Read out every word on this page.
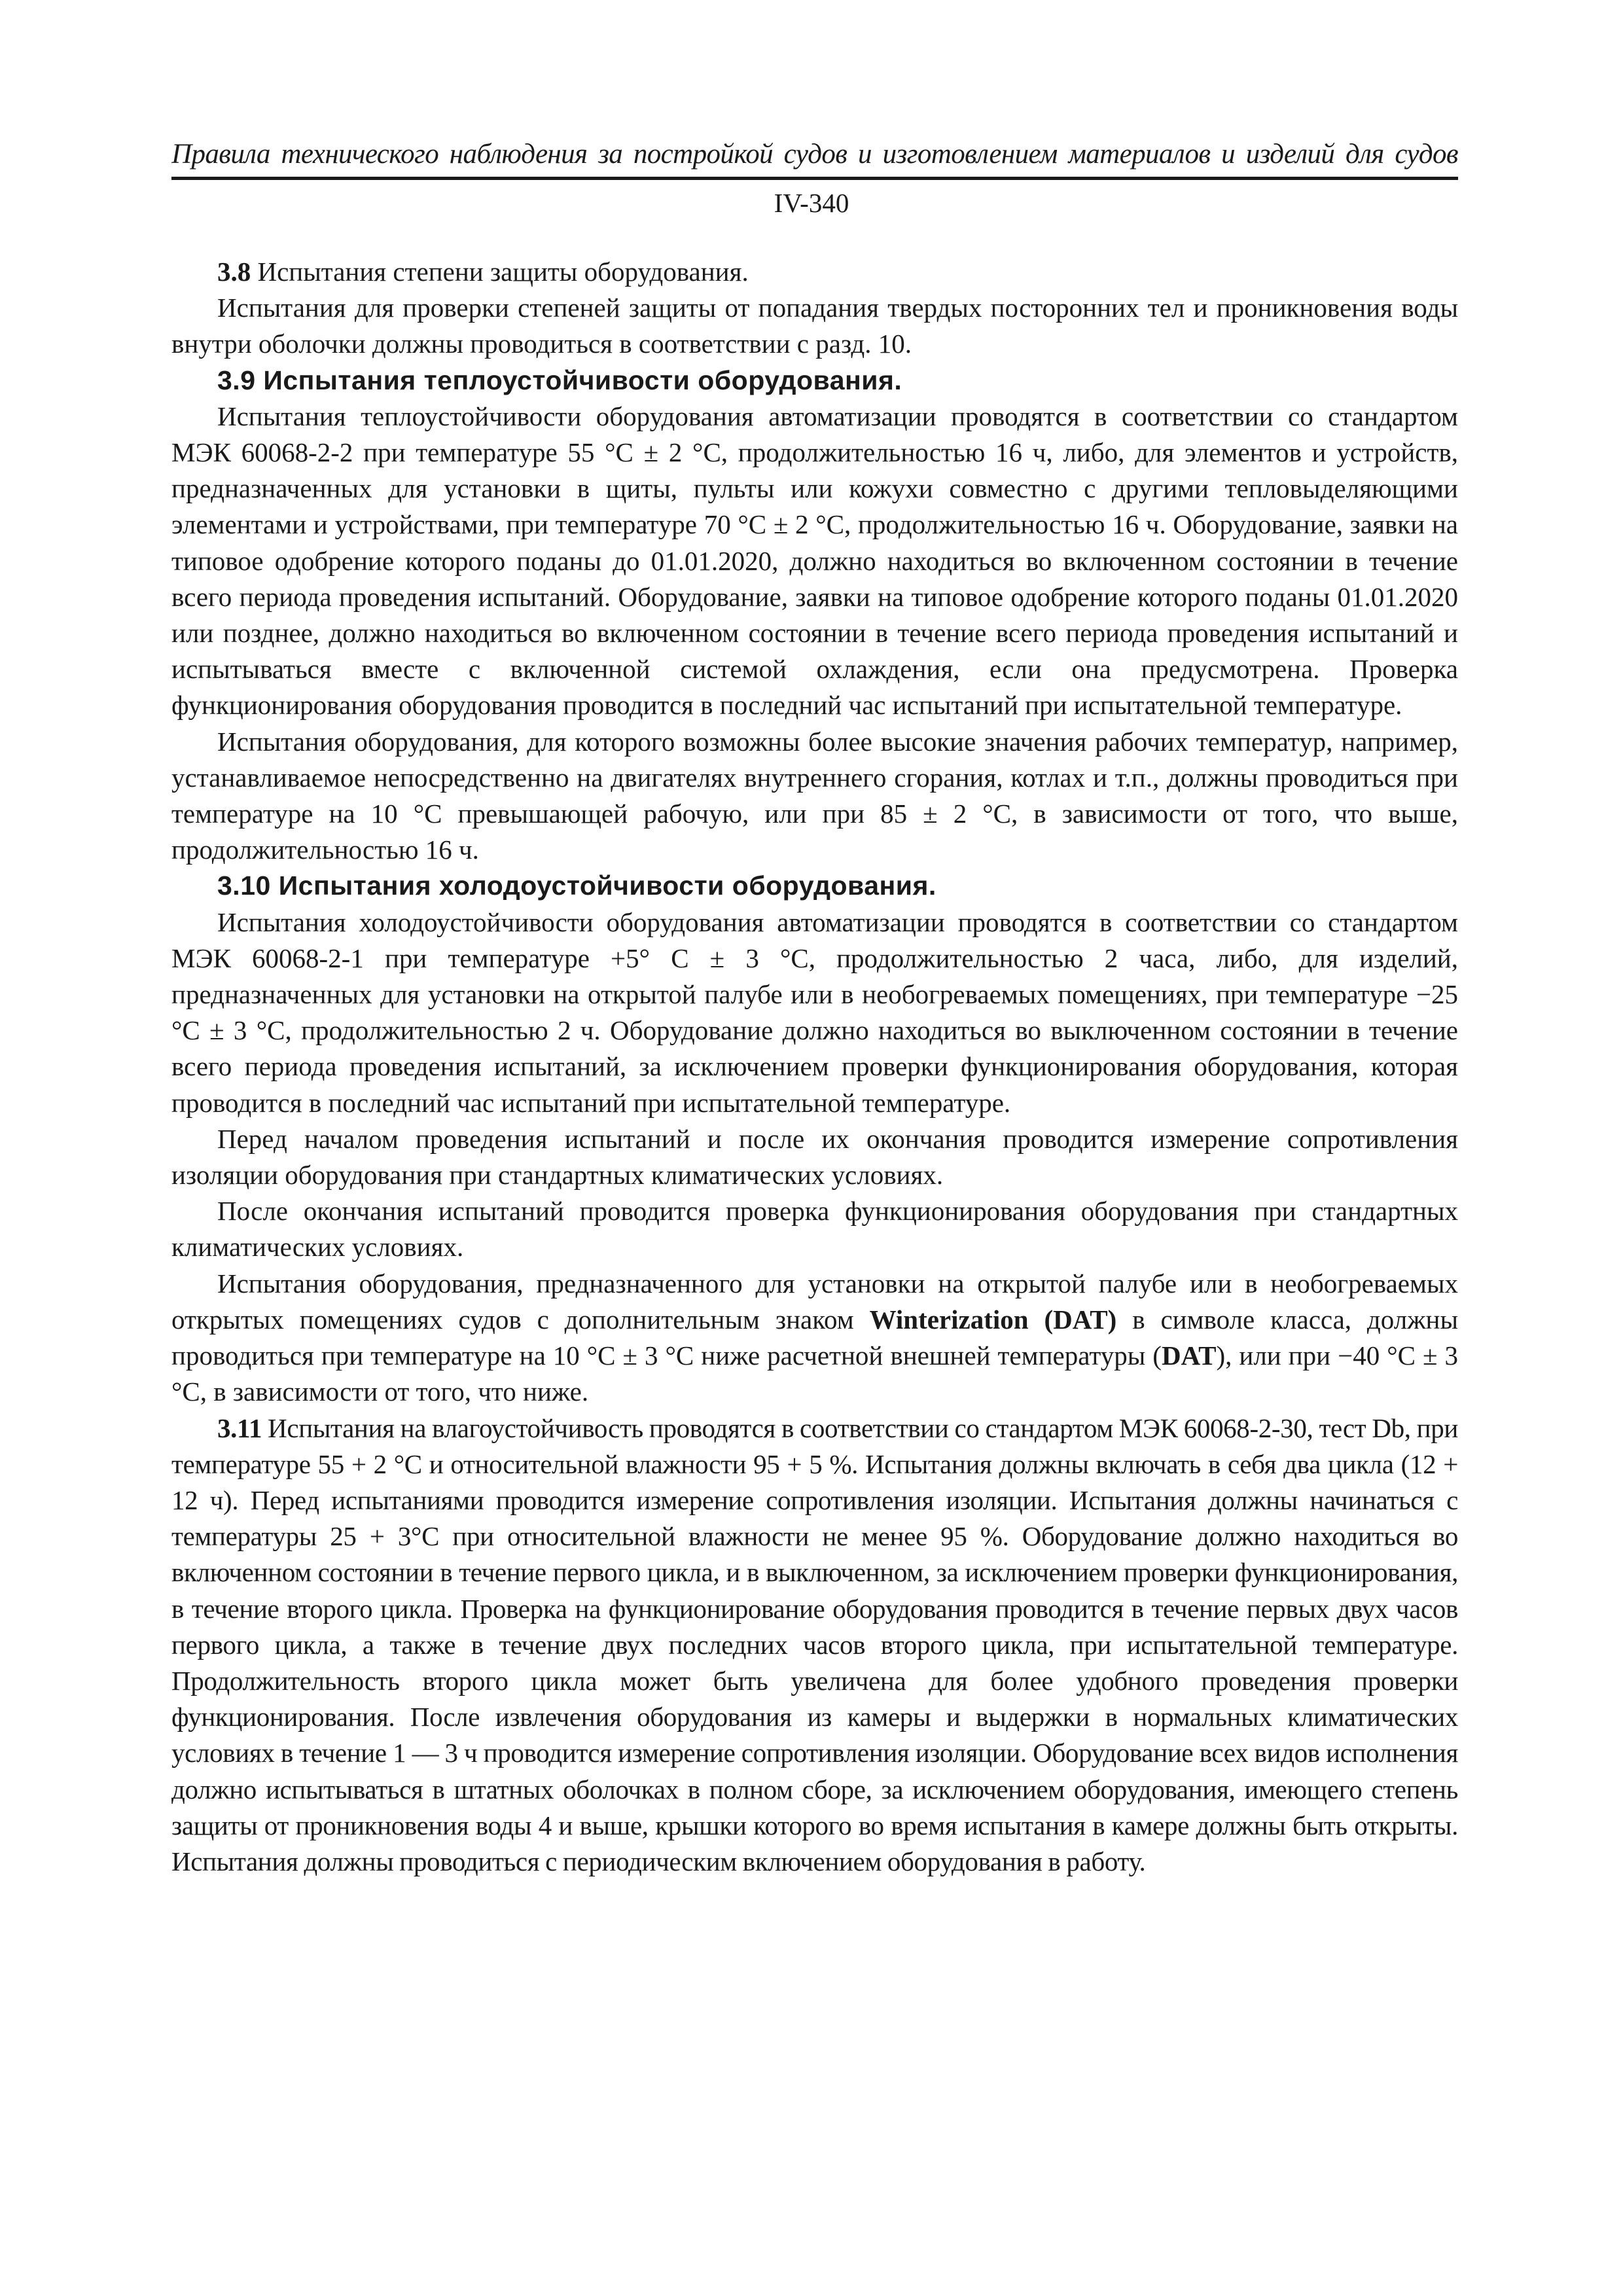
Правила технического наблюдения за постройкой судов и изготовлением материалов и изделий для судов
IV-340

3.8 Испытания степени защиты оборудования.

Испытания для проверки степеней защиты от попадания твердых посторонних тел и проникновения воды внутри оболочки должны проводиться в соответствии с разд. 10.

3.9 Испытания теплоустойчивости оборудования.

Испытания теплоустойчивости оборудования автоматизации проводятся в соответствии со стандартом МЭК 60068-2-2 при температуре 55 °C ± 2 °C, продолжительностью 16 ч, либо, для элементов и устройств, предназначенных для установки в щиты, пульты или кожухи совместно с другими тепловыделяющими элементами и устройствами, при температуре 70 °C ± 2 °C, продолжительностью 16 ч. Оборудование, заявки на типовое одобрение которого поданы до 01.01.2020, должно находиться во включенном состоянии в течение всего периода проведения испытаний. Оборудование, заявки на типовое одобрение которого поданы 01.01.2020 или позднее, должно находиться во включенном состоянии в течение всего периода проведения испытаний и испытываться вместе с включенной системой охлаждения, если она предусмотрена. Проверка функционирования оборудования проводится в последний час испытаний при испытательной температуре.

Испытания оборудования, для которого возможны более высокие значения рабочих температур, например, устанавливаемое непосредственно на двигателях внутреннего сгорания, котлах и т.п., должны проводиться при температуре на 10 °C превышающей рабочую, или при 85 ± 2 °C, в зависимости от того, что выше, продолжительностью 16 ч.

3.10 Испытания холодоустойчивости оборудования.

Испытания холодоустойчивости оборудования автоматизации проводятся в соответствии со стандартом МЭК 60068-2-1 при температуре +5° C ± 3 °C, продолжительностью 2 часа, либо, для изделий, предназначенных для установки на открытой палубе или в необогреваемых помещениях, при температуре −25 °C ± 3 °C, продолжительностью 2 ч. Оборудование должно находиться во выключенном состоянии в течение всего периода проведения испытаний, за исключением проверки функционирования оборудования, которая проводится в последний час испытаний при испытательной температуре.

Перед началом проведения испытаний и после их окончания проводится измерение сопротивления изоляции оборудования при стандартных климатических условиях.

После окончания испытаний проводится проверка функционирования оборудования при стандартных климатических условиях.

Испытания оборудования, предназначенного для установки на открытой палубе или в необогреваемых открытых помещениях судов с дополнительным знаком Winterization (DAT) в символе класса, должны проводиться при температуре на 10 °C ± 3 °C ниже расчетной внешней температуры (DAT), или при −40 °C ± 3 °C, в зависимости от того, что ниже.

3.11 Испытания на влагоустойчивость проводятся в соответствии со стандартом МЭК 60068-2-30, тест Db, при температуре 55 + 2 °C и относительной влажности 95 + 5 %. Испытания должны включать в себя два цикла (12 + 12 ч). Перед испытаниями проводится измерение сопротивления изоляции. Испытания должны начинаться с температуры 25 + 3°C при относительной влажности не менее 95 %. Оборудование должно находиться во включенном состоянии в течение первого цикла, и в выключенном, за исключением проверки функционирования, в течение второго цикла. Проверка на функционирование оборудования проводится в течение первых двух часов первого цикла, а также в течение двух последних часов второго цикла, при испытательной температуре. Продолжительность второго цикла может быть увеличена для более удобного проведения проверки функционирования. После извлечения оборудования из камеры и выдержки в нормальных климатических условиях в течение 1 — 3 ч проводится измерение сопротивления изоляции. Оборудование всех видов исполнения должно испытываться в штатных оболочках в полном сборе, за исключением оборудования, имеющего степень защиты от проникновения воды 4 и выше, крышки которого во время испытания в камере должны быть открыты. Испытания должны проводиться с периодическим включением оборудования в работу.
